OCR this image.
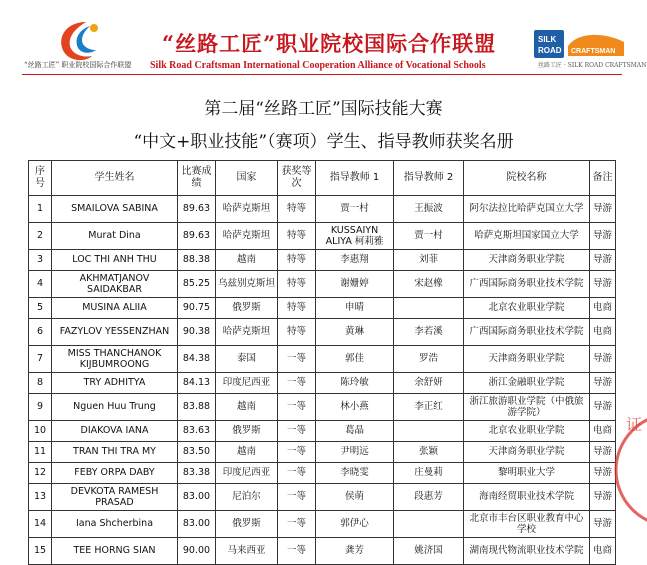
“丝路工匠” 职业院校国际合作联盟
“丝路工匠”职业院校国际合作联盟
Silk Road Craftsman International Cooperation Alliance of Vocational Schools
SILK
ROAD CRAFTSMAN
丝路工匠 · SILK ROAD CRAFTSMAN
第二届“丝路工匠”国际技能大赛
“中文+职业技能”（赛项）学生、指导教师获奖名册
序号	学生姓名	比赛成绩	国家	获奖等次	指导教师 1	指导教师 2	院校名称	备注
1	SMAILOVA SABINA	89.63	哈萨克斯坦	特等	贾一村	王振波	阿尔法拉比哈萨克国立大学	导游
2	Murat Dina	89.63	哈萨克斯坦	特等	KUSSAIYN ALIYA 柯莉雅	贾一村	哈萨克斯坦国家国立大学	导游
3	LOC THI ANH THU	88.38	越南	特等	李惠翔	刘菲	天津商务职业学院	导游
4	AKHMATJANOV SAIDAKBAR	85.25	乌兹别克斯坦	特等	谢姗婷	宋赵橡	广西国际商务职业技术学院	导游
5	MUSINA ALIIA	90.75	俄罗斯	特等	申晴		北京农业职业学院	电商
6	FAZYLOV YESSENZHAN	90.38	哈萨克斯坦	特等	黄琳	李若溪	广西国际商务职业技术学院	电商
7	MISS THANCHANOK KIJBUMROONG	84.38	泰国	一等	郭佳	罗浩	天津商务职业学院	导游
8	TRY ADHITYA	84.13	印度尼西亚	一等	陈玲敏	余舒妍	浙江金融职业学院	导游
9	Nguen Huu Trung	83.88	越南	一等	林小燕	李正红	浙江旅游职业学院（中俄旅游学院）	导游
10	DIAKOVA IANA	83.63	俄罗斯	一等	葛晶		北京农业职业学院	电商
11	TRAN THI TRA MY	83.50	越南	一等	尹明远	张颖	天津商务职业学院	导游
12	FEBY ORPA DABY	83.38	印度尼西亚	一等	李晓雯	庄曼莉	黎明职业大学	导游
13	DEVKOTA RAMESH PRASAD	83.00	尼泊尔	一等	侯萌	段惠芳	海南经贸职业技术学院	导游
14	Iana Shcherbina	83.00	俄罗斯	一等	郭伊心		北京市丰台区职业教育中心学校	导游
15	TEE HORNG SIAN	90.00	马来西亚	一等	龚芳	姚济国	湖南现代物流职业技术学院	电商
证
